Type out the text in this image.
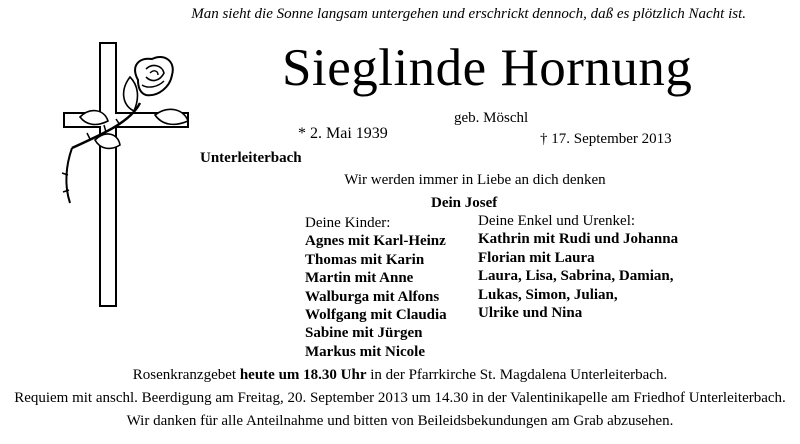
Man sieht die Sonne langsam untergehen und erschrickt dennoch, daß es plötzlich Nacht ist.
Sieglinde Hornung
geb. Möschl
* 2. Mai 1939	† 17. September 2013
Unterleiterbach
Wir werden immer in Liebe an dich denken
Dein Josef
Deine Kinder:
Agnes mit Karl-Heinz
Thomas mit Karin
Martin mit Anne
Walburga mit Alfons
Wolfgang mit Claudia
Sabine mit Jürgen
Markus mit Nicole
Deine Enkel und Urenkel:
Kathrin mit Rudi und Johanna
Florian mit Laura
Laura, Lisa, Sabrina, Damian,
Lukas, Simon, Julian,
Ulrike und Nina
Rosenkranzgebet heute um 18.30 Uhr in der Pfarrkirche St. Magdalena Unterleiterbach.
Requiem mit anschl. Beerdigung am Freitag, 20. September 2013 um 14.30 in der Valentinikapelle am Friedhof Unterleiterbach.
Wir danken für alle Anteilnahme und bitten von Beileidsbekundungen am Grab abzusehen.
